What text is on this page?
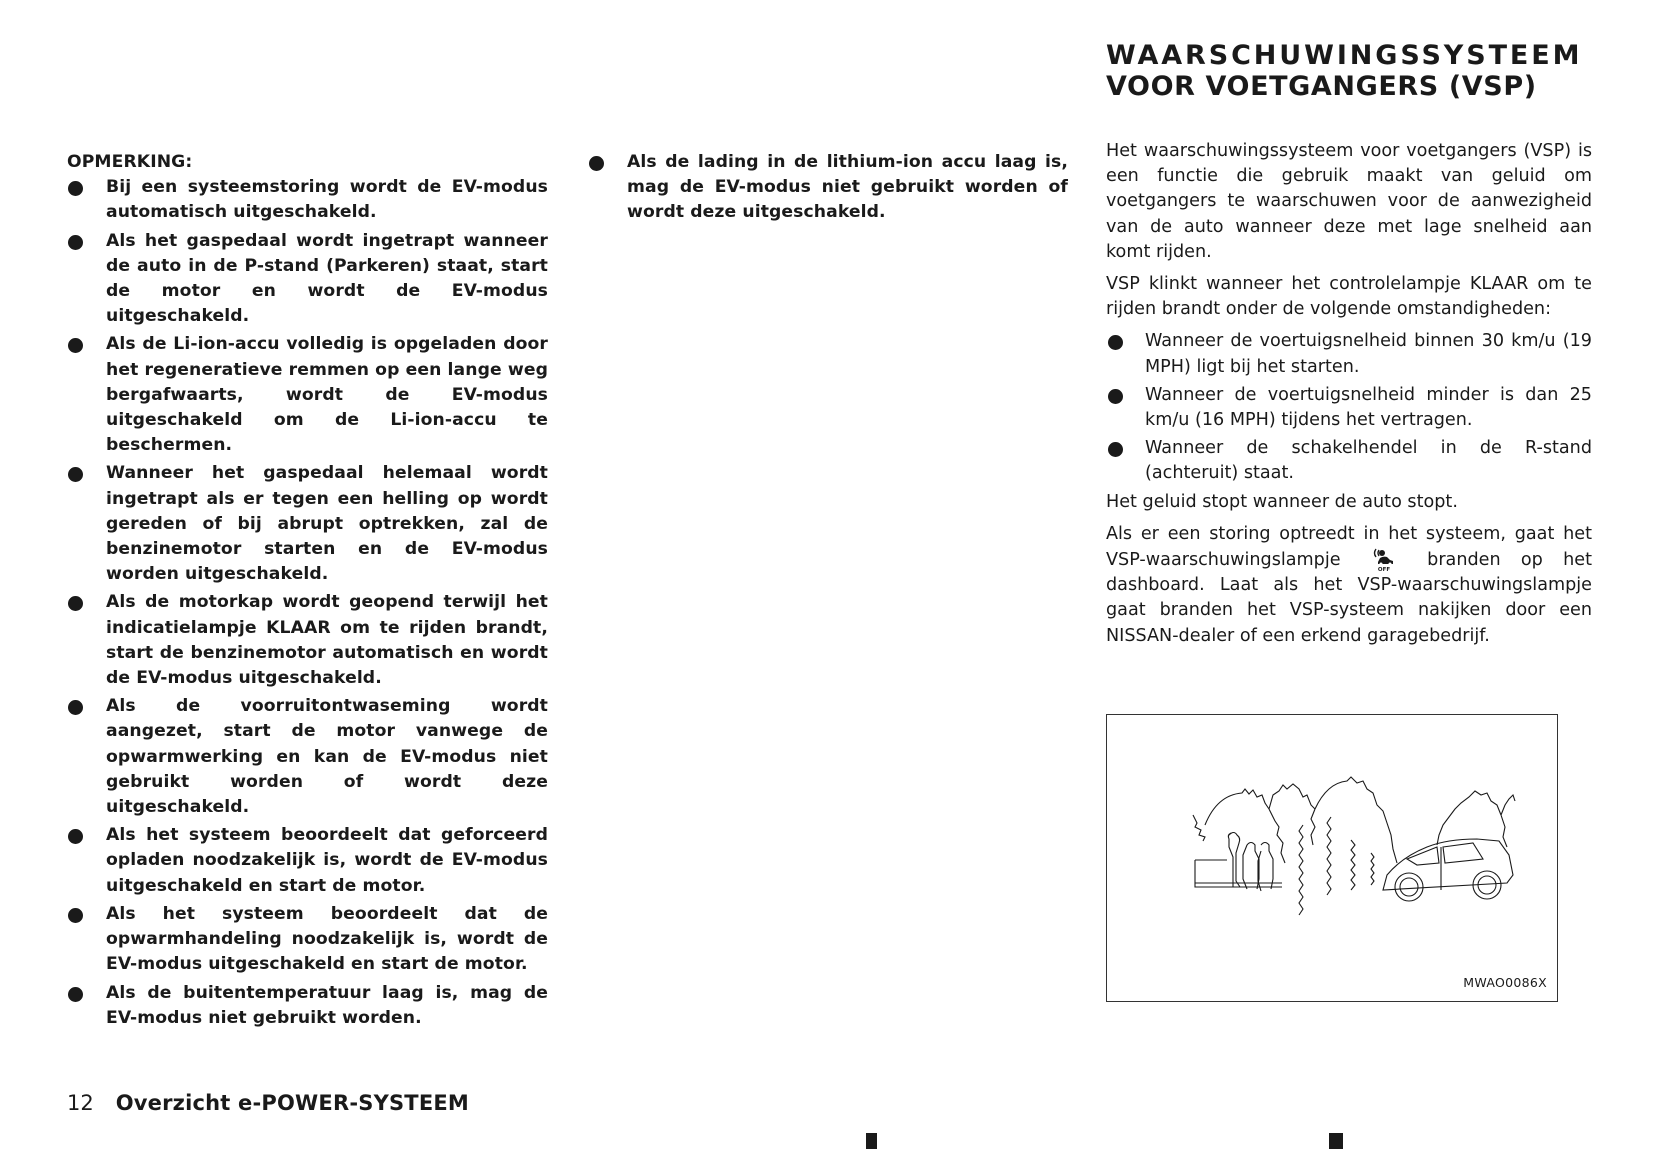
OPMERKING:
Bij een systeemstoring wordt de EV-modus automatisch uitgeschakeld.
Als het gaspedaal wordt ingetrapt wanneer de auto in de P-stand (Parkeren) staat, start de motor en wordt de EV-modus uitgeschakeld.
Als de Li-ion-accu volledig is opgeladen door het regeneratieve remmen op een lange weg bergafwaarts, wordt de EV-modus uitgeschakeld om de Li-ion-accu te beschermen.
Wanneer het gaspedaal helemaal wordt ingetrapt als er tegen een helling op wordt gereden of bij abrupt optrekken, zal de benzinemotor starten en de EV-modus worden uitgeschakeld.
Als de motorkap wordt geopend terwijl het indicatielampje KLAAR om te rijden brandt, start de benzinemotor automatisch en wordt de EV-modus uitgeschakeld.
Als de voorruitontwaseming wordt aangezet, start de motor vanwege de opwarmwerking en kan de EV-modus niet gebruikt worden of wordt deze uitgeschakeld.
Als het systeem beoordeelt dat geforceerd opladen noodzakelijk is, wordt de EV-modus uitgeschakeld en start de motor.
Als het systeem beoordeelt dat de opwarmhandeling noodzakelijk is, wordt de EV-modus uitgeschakeld en start de motor.
Als de buitentemperatuur laag is, mag de EV-modus niet gebruikt worden.
Als de lading in de lithium-ion accu laag is, mag de EV-modus niet gebruikt worden of wordt deze uitgeschakeld.
WAARSCHUWINGSSYSTEEM
VOOR VOETGANGERS (VSP)

Het waarschuwingssysteem voor voetgangers (VSP) is een functie die gebruik maakt van geluid om voetgangers te waarschuwen voor de aanwezigheid van de auto wanneer deze met lage snelheid aan komt rijden.

VSP klinkt wanneer het controlelampje KLAAR om te rijden brandt onder de volgende omstandigheden:

Wanneer de voertuigsnelheid binnen 30 km/u (19 MPH) ligt bij het starten.
Wanneer de voertuigsnelheid minder is dan 25 km/u (16 MPH) tijdens het vertragen.
Wanneer de schakelhendel in de R-stand (achteruit) staat.

Het geluid stopt wanneer de auto stopt.

Als er een storing optreedt in het systeem, gaat het VSP-waarschuwingslampje	OFF branden op het dashboard. Laat als het VSP-waarschuwingslampje gaat branden het VSP-systeem nakijken door een NISSAN-dealer of een erkend garagebedrijf.

MWAO0086X
12 Overzicht e-POWER-SYSTEEM
